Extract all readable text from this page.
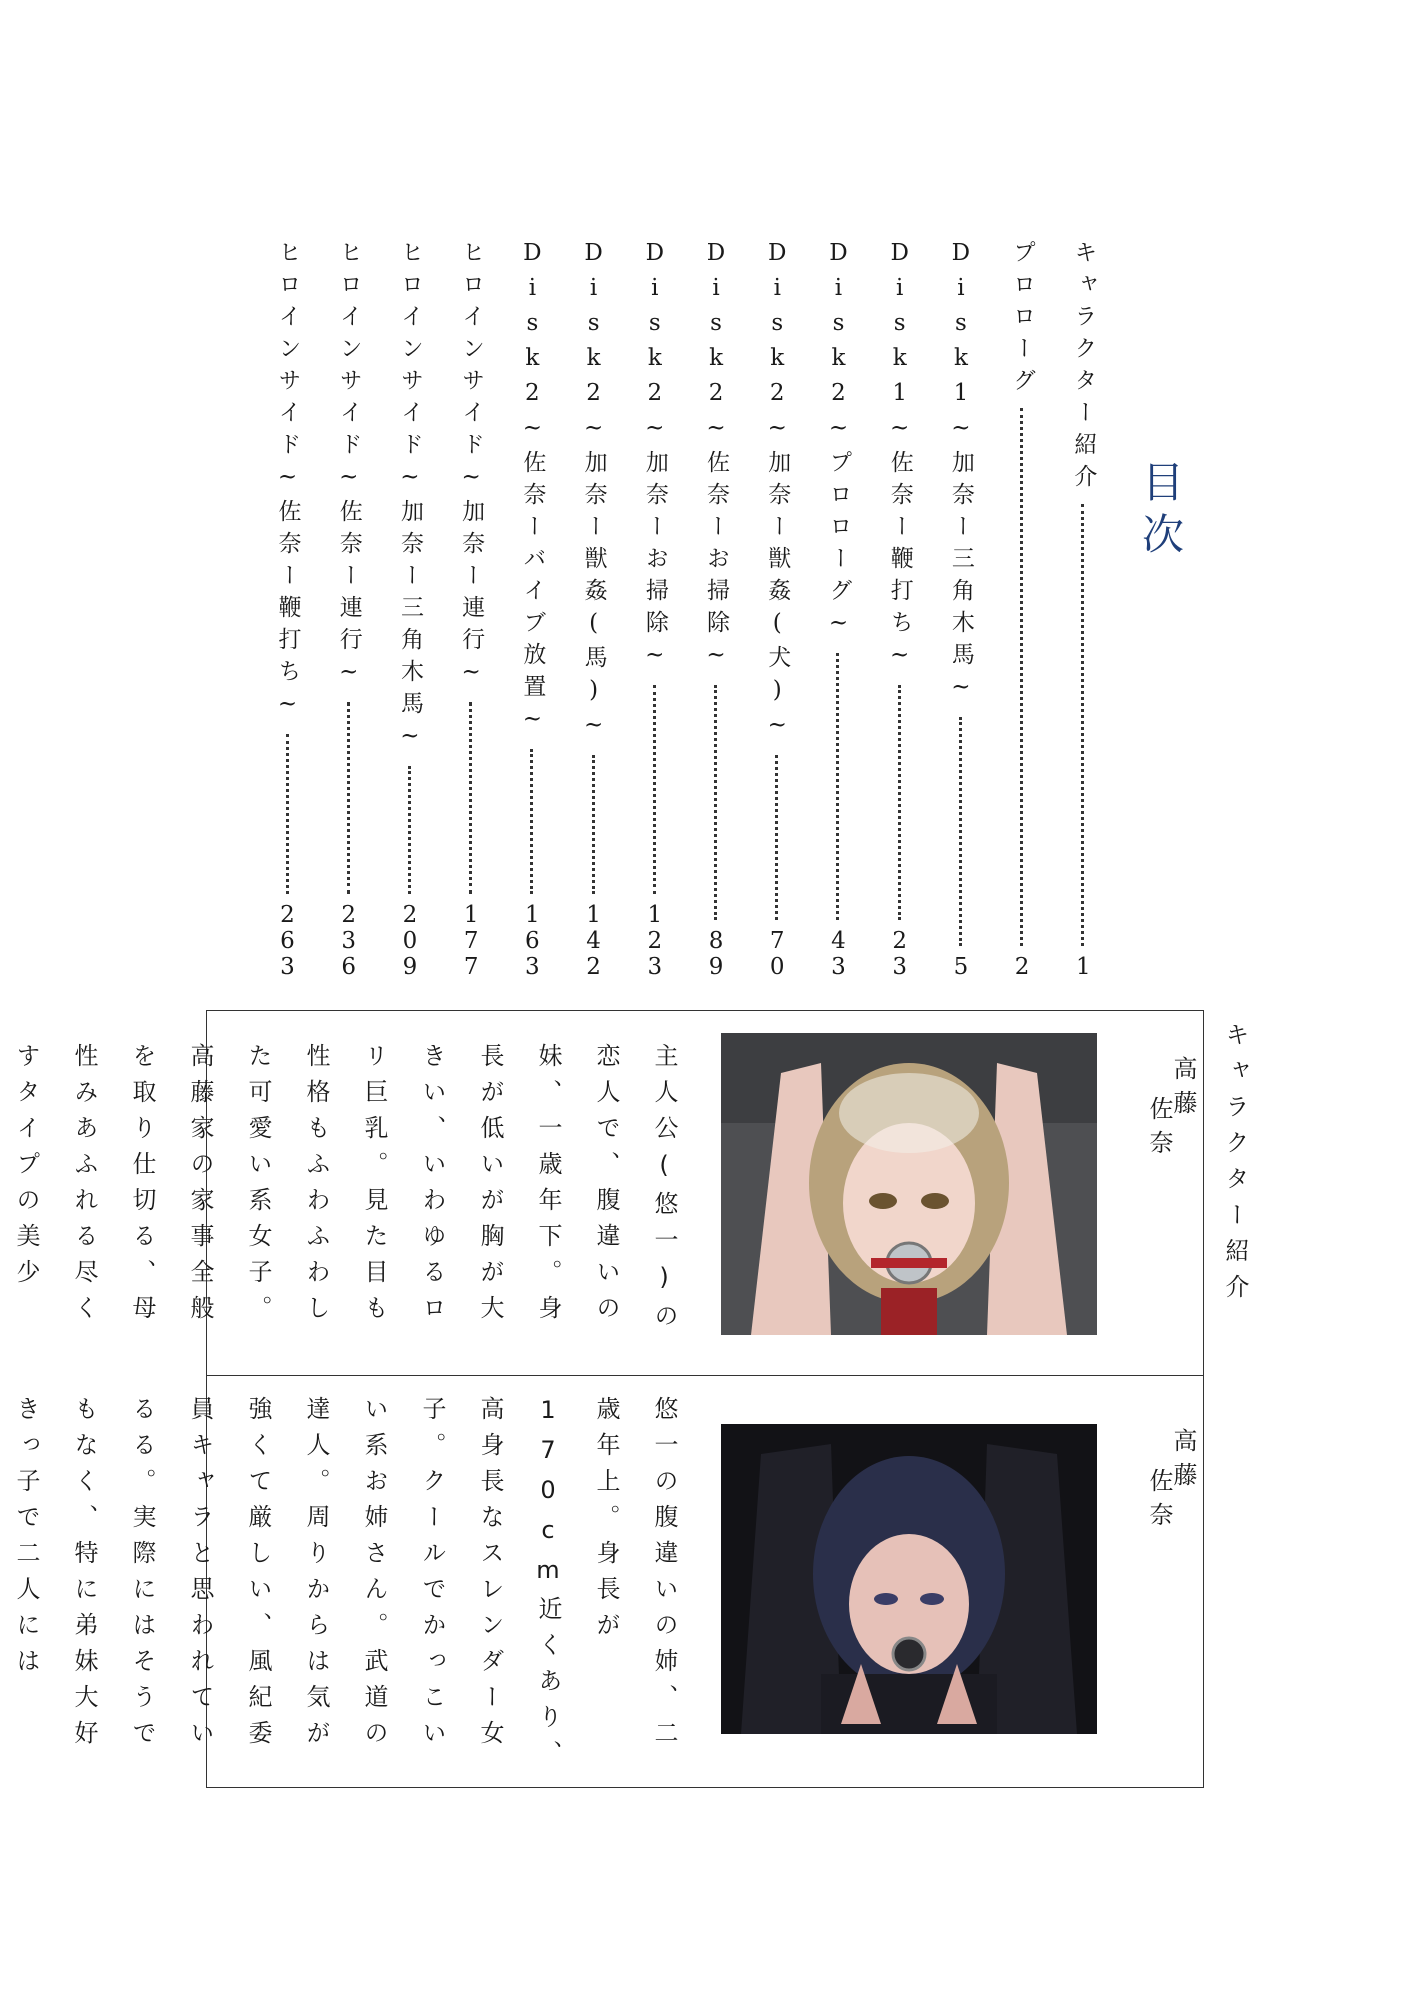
目次
キャラクター紹介
1
プロローグ
2
Disk1~加奈ー三角木馬~
5
Disk1~佐奈ー鞭打ち~
23
Disk2~プロローグ~
43
Disk2~加奈ー獣姦(犬)~
70
Disk2~佐奈ーお掃除~
89
Disk2~加奈ーお掃除~
123
Disk2~加奈ー獣姦(馬)~
142
Disk2~佐奈ーバイブ放置~
163
ヒロインサイド~加奈ー連行~
177
ヒロインサイド~加奈ー三角木馬~
209
ヒロインサイド~佐奈ー連行~
236
ヒロインサイド~佐奈ー鞭打ち~
263
キャラクター紹介
高藤
佐奈
主人公(悠一)の恋人で、腹違いの妹、一歳年下。身長が低いが胸が大きい、いわゆるロリ巨乳。見た目も性格もふわふわした可愛い系女子。高藤家の家事全般を取り仕切る、母性みあふれる尽くすタイプの美少
高藤
佐奈
悠一の腹違いの姉、二歳年上。身長が170cm近くあり、高身長なスレンダー女子。クールでかっこいい系お姉さん。武道の達人。周りからは気が強くて厳しい、風紀委員キャラと思われているる。実際にはそうでもなく、特に弟妹大好きっ子で二人には
